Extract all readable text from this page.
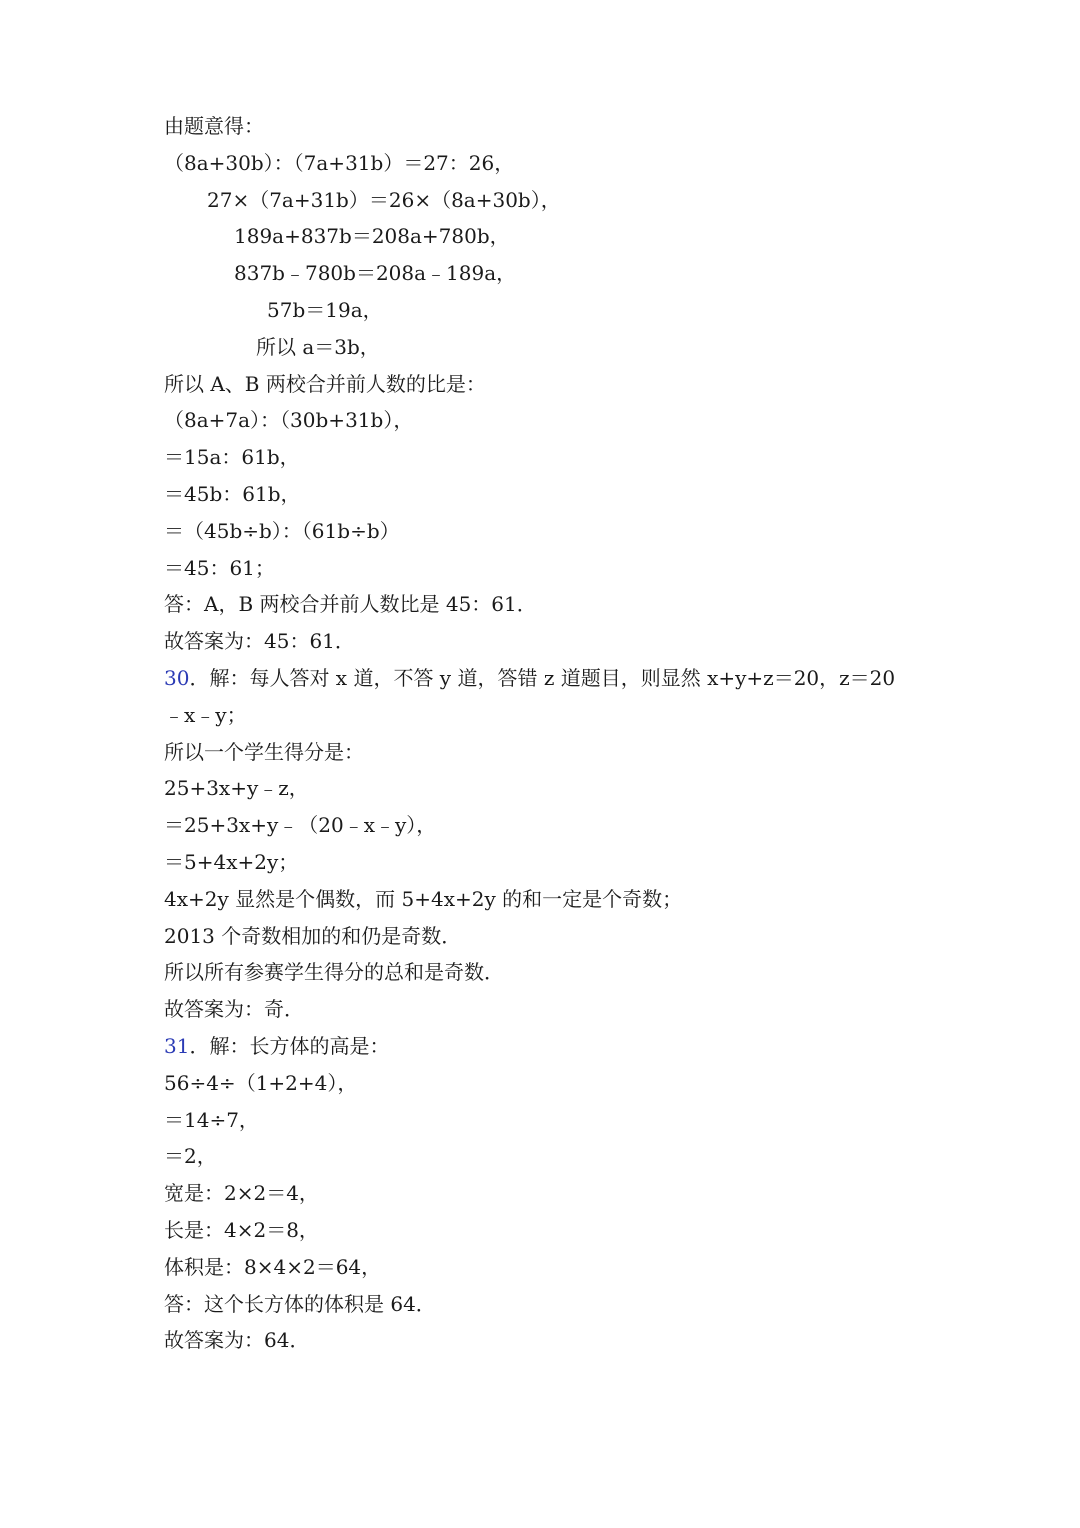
由题意得：
（8a+30b）：（7a+31b）＝27：26，
27×（7a+31b）＝26×（8a+30b），
189a+837b＝208a+780b，
837b﹣780b＝208a﹣189a，
57b＝19a，
所以 a＝3b，
所以 A、B 两校合并前人数的比是：
（8a+7a）：（30b+31b），
＝15a：61b，
＝45b：61b，
＝（45b÷b）：（61b÷b）
＝45：61；
答：A，B 两校合并前人数比是 45：61．
故答案为：45：61．
30．解：每人答对 x 道，不答 y 道，答错 z 道题目，则显然 x+y+z＝20，z＝20
﹣x﹣y；
所以一个学生得分是：
25+3x+y﹣z，
＝25+3x+y﹣（20﹣x﹣y），
＝5+4x+2y；
4x+2y 显然是个偶数，而 5+4x+2y 的和一定是个奇数；
2013 个奇数相加的和仍是奇数．
所以所有参赛学生得分的总和是奇数．
故答案为：奇．
31．解：长方体的高是：
56÷4÷（1+2+4），
＝14÷7，
＝2，
宽是：2×2＝4，
长是：4×2＝8，
体积是：8×4×2＝64，
答：这个长方体的体积是 64．
故答案为：64．
